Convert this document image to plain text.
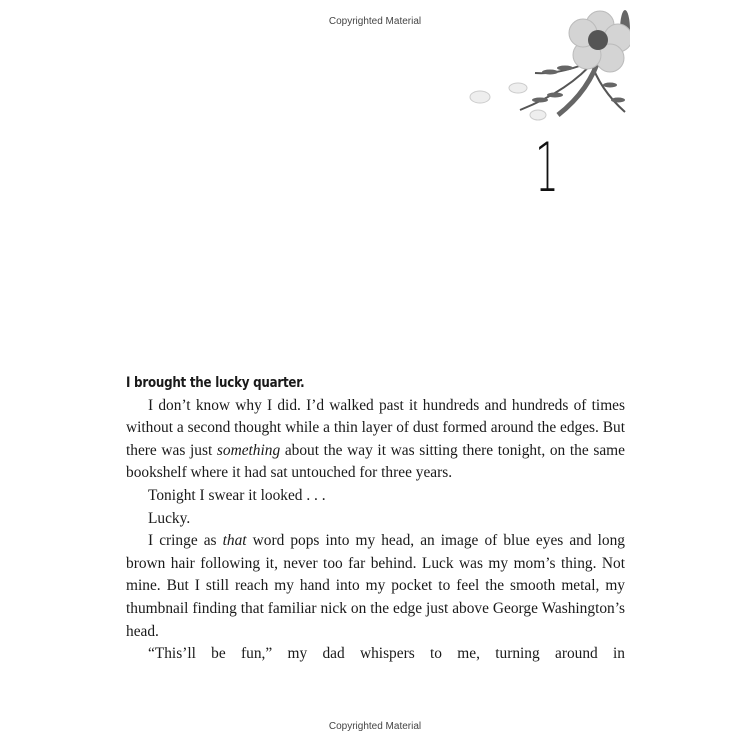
Copyrighted Material
1

I brought the lucky quarter.

I don’t know why I did. I’d walked past it hundreds and hundreds of times without a second thought while a thin layer of dust formed around the edges. But there was just something about the way it was sitting there tonight, on the same bookshelf where it had sat untouched for three years.

Tonight I swear it looked . . .

Lucky.

I cringe as that word pops into my head, an image of blue eyes and long brown hair following it, never too far behind. Luck was my mom’s thing. Not mine. But I still reach my hand into my pocket to feel the smooth metal, my thumbnail finding that familiar nick on the edge just above George Washington’s head.

“This’ll be fun,” my dad whispers to me, turning around in

Copyrighted Material
